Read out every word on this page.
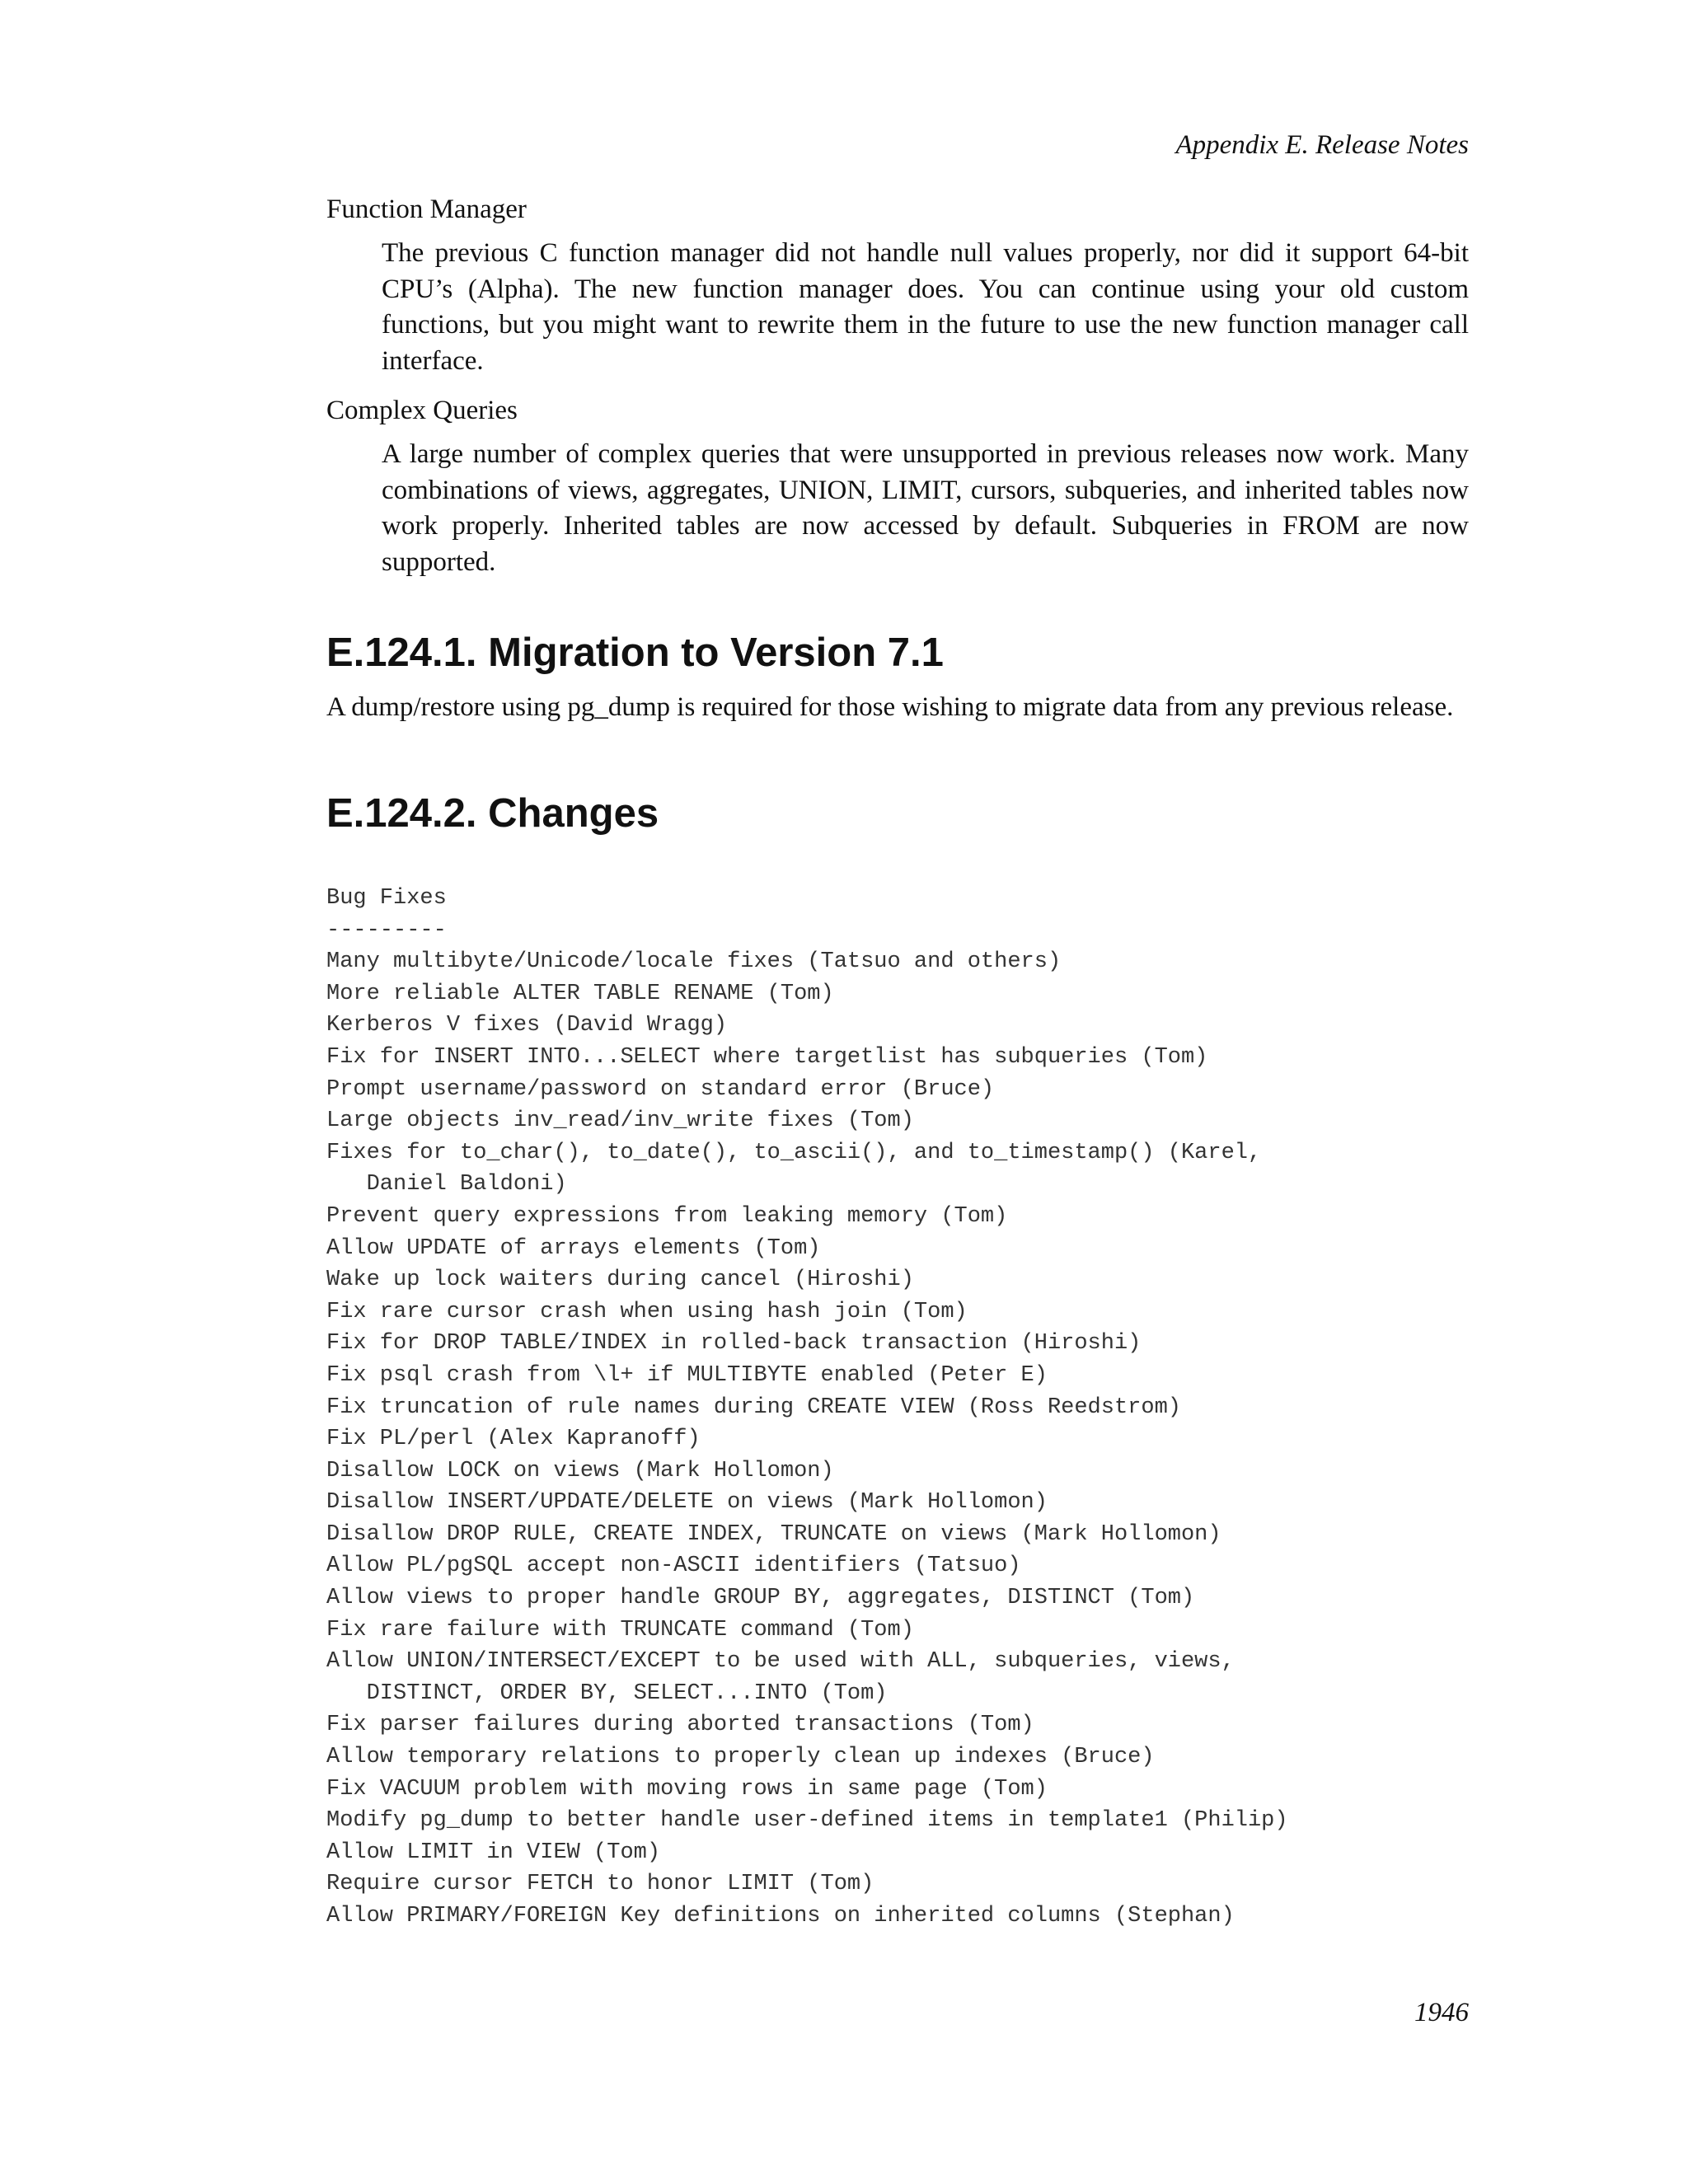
Appendix E. Release Notes

Function Manager

The previous C function manager did not handle null values properly, nor did it support 64-bit CPU’s (Alpha). The new function manager does. You can continue using your old custom functions, but you might want to rewrite them in the future to use the new function manager call interface.

Complex Queries

A large number of complex queries that were unsupported in previous releases now work. Many combinations of views, aggregates, UNION, LIMIT, cursors, subqueries, and inherited tables now work properly. Inherited tables are now accessed by default. Subqueries in FROM are now supported.

E.124.1. Migration to Version 7.1

A dump/restore using pg_dump is required for those wishing to migrate data from any previous release.

E.124.2. Changes
Bug Fixes
---------
Many multibyte/Unicode/locale fixes (Tatsuo and others)
More reliable ALTER TABLE RENAME (Tom)
Kerberos V fixes (David Wragg)
Fix for INSERT INTO...SELECT where targetlist has subqueries (Tom)
Prompt username/password on standard error (Bruce)
Large objects inv_read/inv_write fixes (Tom)
Fixes for to_char(), to_date(), to_ascii(), and to_timestamp() (Karel,
Daniel Baldoni)
Prevent query expressions from leaking memory (Tom)
Allow UPDATE of arrays elements (Tom)
Wake up lock waiters during cancel (Hiroshi)
Fix rare cursor crash when using hash join (Tom)
Fix for DROP TABLE/INDEX in rolled-back transaction (Hiroshi)
Fix psql crash from \l+ if MULTIBYTE enabled (Peter E)
Fix truncation of rule names during CREATE VIEW (Ross Reedstrom)
Fix PL/perl (Alex Kapranoff)
Disallow LOCK on views (Mark Hollomon)
Disallow INSERT/UPDATE/DELETE on views (Mark Hollomon)
Disallow DROP RULE, CREATE INDEX, TRUNCATE on views (Mark Hollomon)
Allow PL/pgSQL accept non-ASCII identifiers (Tatsuo)
Allow views to proper handle GROUP BY, aggregates, DISTINCT (Tom)
Fix rare failure with TRUNCATE command (Tom)
Allow UNION/INTERSECT/EXCEPT to be used with ALL, subqueries, views,
DISTINCT, ORDER BY, SELECT...INTO (Tom)
Fix parser failures during aborted transactions (Tom)
Allow temporary relations to properly clean up indexes (Bruce)
Fix VACUUM problem with moving rows in same page (Tom)
Modify pg_dump to better handle user-defined items in template1 (Philip)
Allow LIMIT in VIEW (Tom)
Require cursor FETCH to honor LIMIT (Tom)
Allow PRIMARY/FOREIGN Key definitions on inherited columns (Stephan)
1946
